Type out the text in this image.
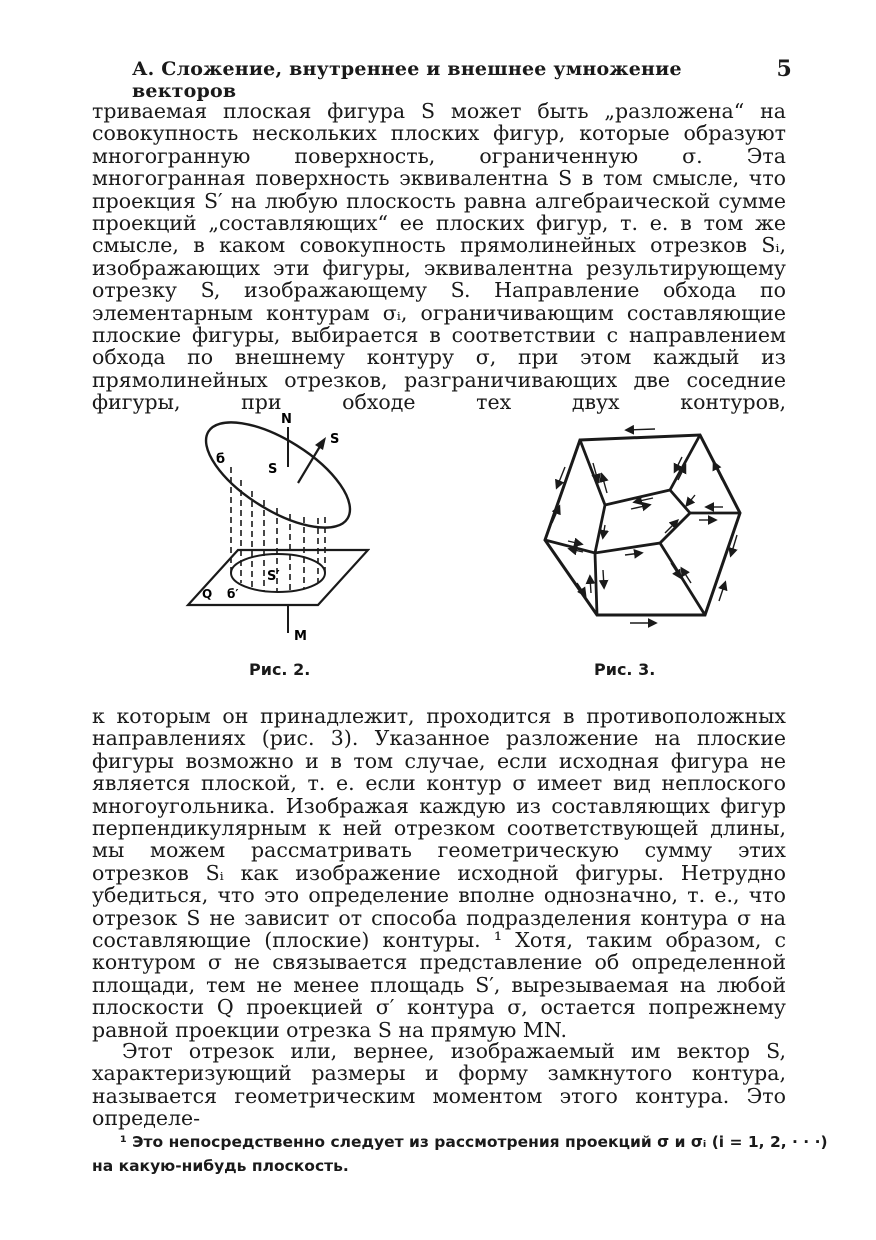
А. Сложение, внутреннее и внешнее умножение векторов
5

триваемая плоская фигура S может быть „разложена“ на совокупность нескольких плоских фигур, которые образуют многогранную поверхность, ограниченную σ. Эта многогранная поверхность эквивалентна S в том смысле, что проекция S′ на любую плоскость равна алгебраической сумме проекций „составляющих“ ее плоских фигур, т. е. в том же смысле, в каком совокупность прямолинейных отрезков Sᵢ, изображающих эти фигуры, эквивалентна результирующему отрезку S, изображающему S. Направление обхода по элементарным контурам σᵢ, ограничивающим составляющие плоские фигуры, выбирается в соответствии с направлением обхода по внешнему контуру σ, при этом каждый из прямолинейных отрезков, разграничивающих две соседние фигуры, при обходе тех двух контуров,

N
S
б
S
S′
Q б′
M
Рис. 2.	Рис. 3.

к которым он принадлежит, проходится в противоположных направлениях (рис. 3). Указанное разложение на плоские фигуры возможно и в том случае, если исходная фигура не является плоской, т. е. если контур σ имеет вид неплоского многоугольника. Изображая каждую из составляющих фигур перпендикулярным к ней отрезком соответствующей длины, мы можем рассматривать геометрическую сумму этих отрезков Sᵢ как изображение исходной фигуры. Нетрудно убедиться, что это определение вполне однозначно, т. е., что отрезок S не зависит от способа подразделения контура σ на составляющие (плоские) контуры. ¹ Хотя, таким образом, с контуром σ не связывается представление об определенной площади, тем не менее площадь S′, вырезываемая на любой плоскости Q проекцией σ′ контура σ, остается попрежнему равной проекции отрезка S на прямую MN.

Этот отрезок или, вернее, изображаемый им вектор S, характеризующий размеры и форму замкнутого контура, называется геометрическим моментом этого контура. Это определе-

¹ Это непосредственно следует из рассмотрения проекций σ и σᵢ (i = 1, 2, · · ·)
на какую-нибудь плоскость.
